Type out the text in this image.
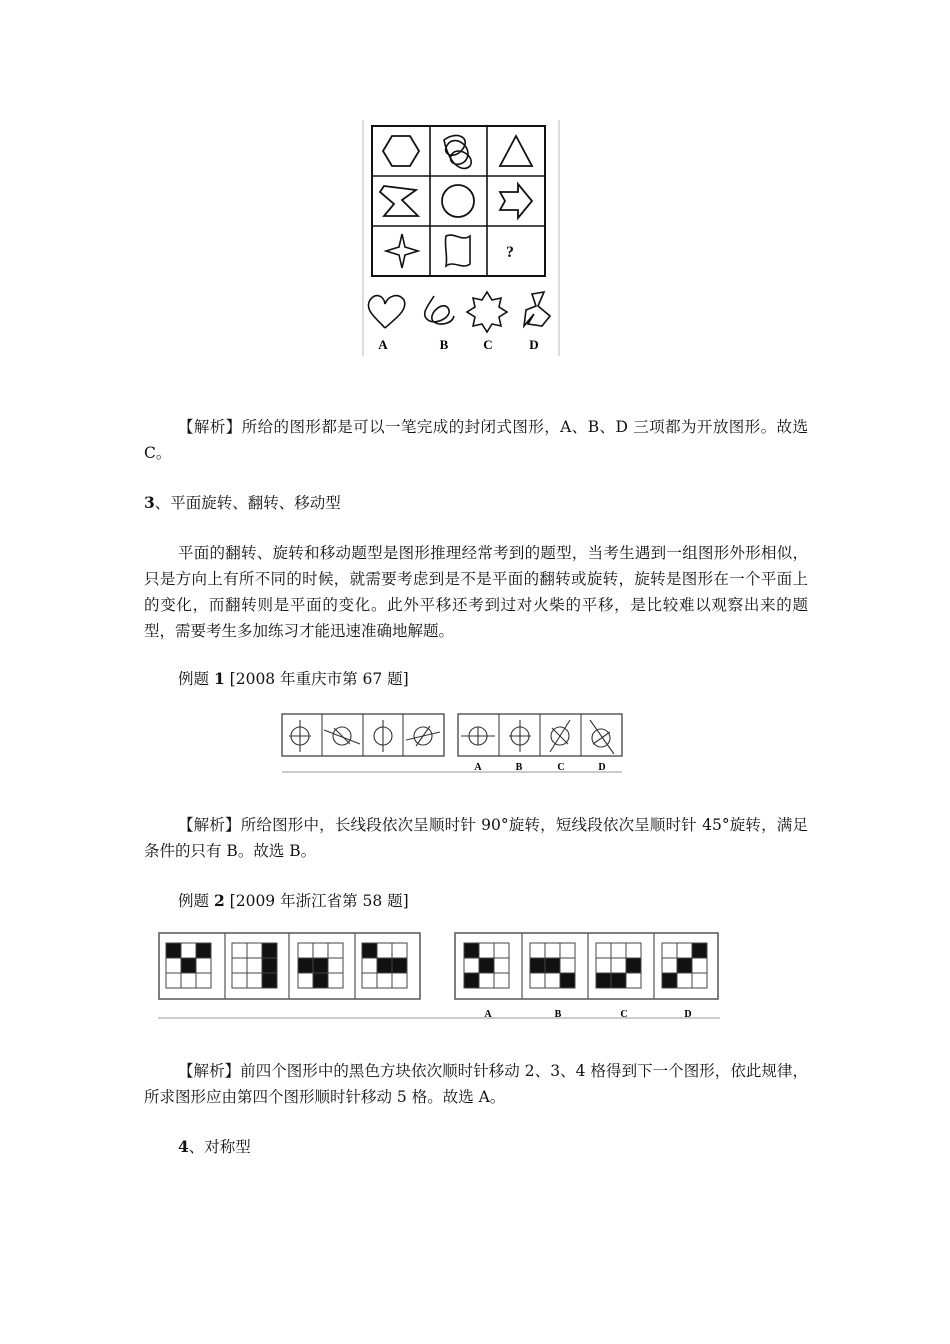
?
A	B	C	D

【解析】所给的图形都是可以一笔完成的封闭式图形，A、B、D 三项都为开放图形。故选 C。

3、平面旋转、翻转、移动型

平面的翻转、旋转和移动题型是图形推理经常考到的题型，当考生遇到一组图形外形相似，只是方向上有所不同的时候，就需要考虑到是不是平面的翻转或旋转，旋转是图形在一个平面上的变化，而翻转则是平面的变化。此外平移还考到过对火柴的平移，是比较难以观察出来的题型，需要考生多加练习才能迅速准确地解题。

例题 1 [2008 年重庆市第 67 题]

A	B	C	D

【解析】所给图形中，长线段依次呈顺时针 90°旋转，短线段依次呈顺时针 45°旋转，满足条件的只有 B。故选 B。

例题 2 [2009 年浙江省第 58 题]

A	B	C	D

【解析】前四个图形中的黑色方块依次顺时针移动 2、3、4 格得到下一个图形，依此规律，所求图形应由第四个图形顺时针移动 5 格。故选 A。

4、对称型
